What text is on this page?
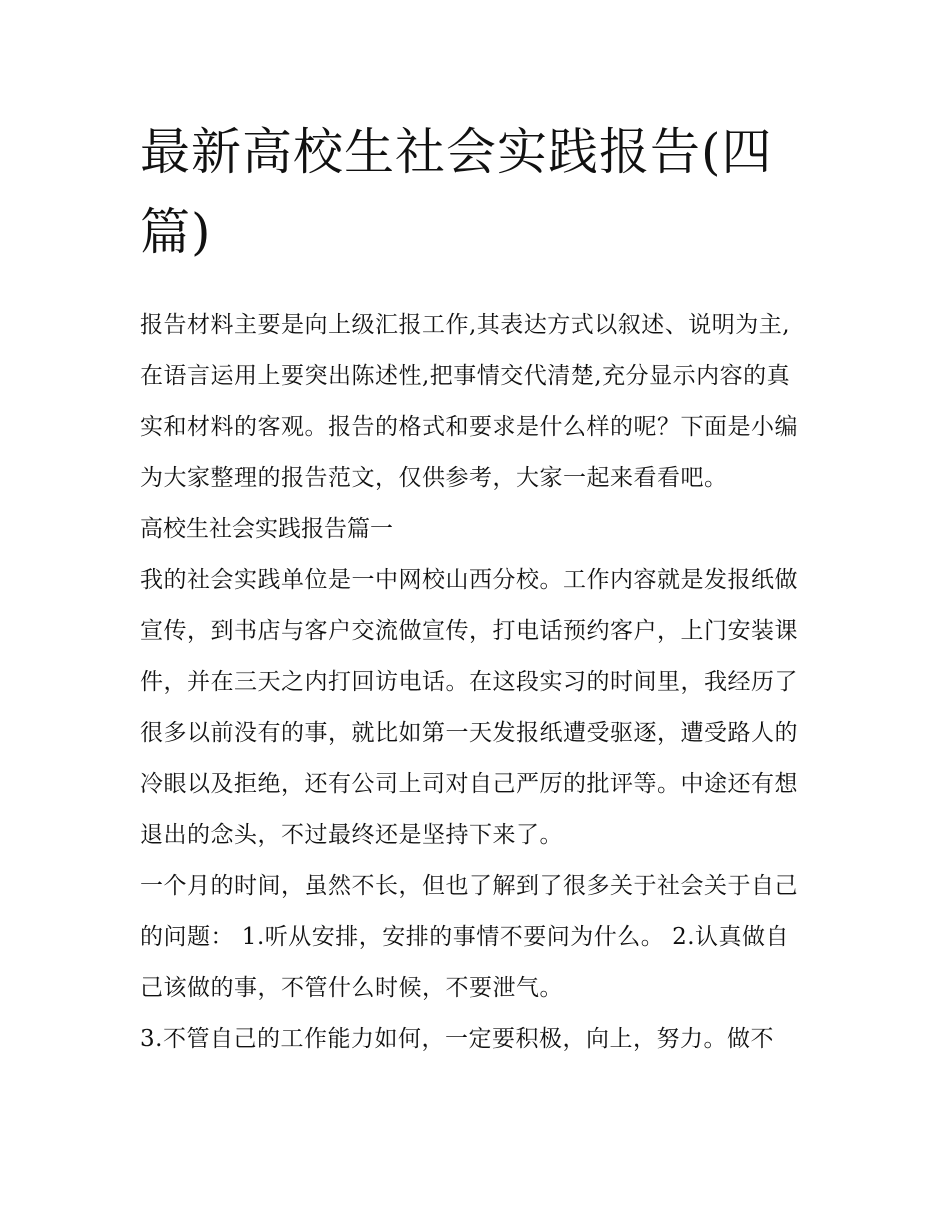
最新高校生社会实践报告(四篇)

报告材料主要是向上级汇报工作,其表达方式以叙述、说明为主,在语言运用上要突出陈述性,把事情交代清楚,充分显示内容的真实和材料的客观。报告的格式和要求是什么样的呢？下面是小编为大家整理的报告范文，仅供参考，大家一起来看看吧。

高校生社会实践报告篇一

我的社会实践单位是一中网校山西分校。工作内容就是发报纸做宣传，到书店与客户交流做宣传，打电话预约客户，上门安装课件，并在三天之内打回访电话。在这段实习的时间里，我经历了很多以前没有的事，就比如第一天发报纸遭受驱逐，遭受路人的冷眼以及拒绝，还有公司上司对自己严厉的批评等。中途还有想退出的念头，不过最终还是坚持下来了。

一个月的时间，虽然不长，但也了解到了很多关于社会关于自己的问题： 1.听从安排，安排的事情不要问为什么。 2.认真做自己该做的事，不管什么时候，不要泄气。

3.不管自己的工作能力如何，一定要积极，向上，努力。做不
